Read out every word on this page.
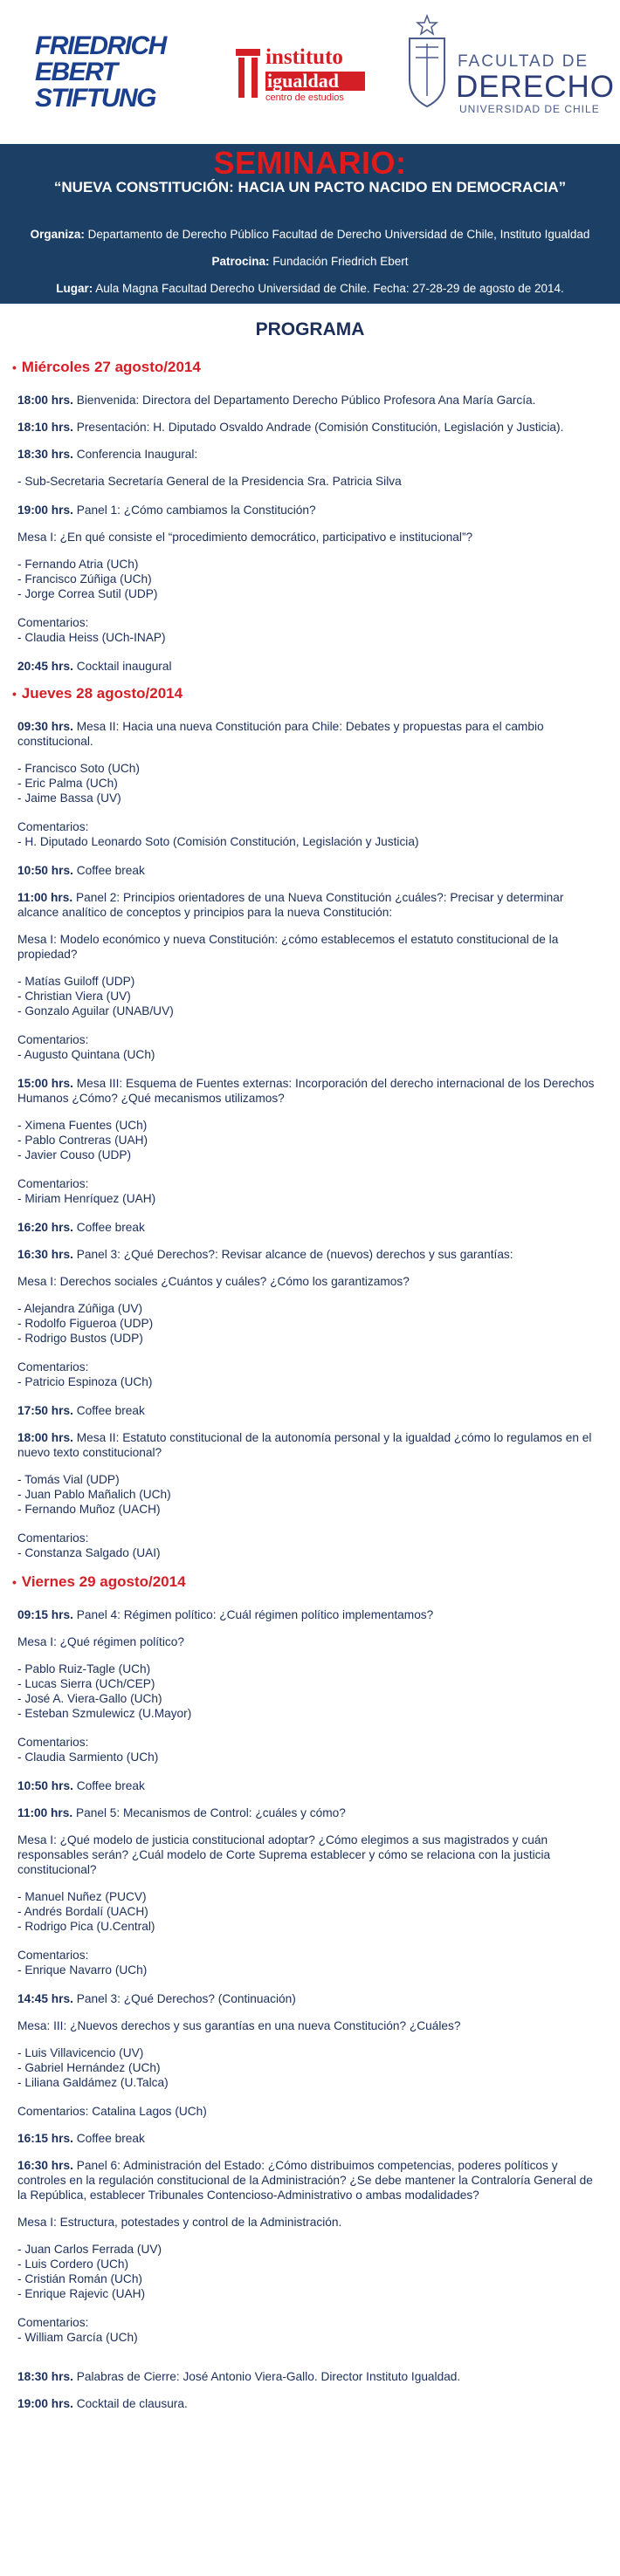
FRIEDRICH
EBERT
STIFTUNG
instituto
igualdad
centro de estudios
FACULTAD DE
DERECHO
UNIVERSIDAD DE CHILE
SEMINARIO:
“NUEVA CONSTITUCIÓN: HACIA UN PACTO NACIDO EN DEMOCRACIA”
Organiza: Departamento de Derecho Público Facultad de Derecho Universidad de Chile, Instituto Igualdad
Patrocina: Fundación Friedrich Ebert
Lugar: Aula Magna Facultad Derecho Universidad de Chile. Fecha: 27-28-29 de agosto de 2014.
PROGRAMA
• Miércoles 27 agosto/2014
18:00 hrs. Bienvenida: Directora del Departamento Derecho Público Profesora Ana María García.
18:10 hrs. Presentación: H. Diputado Osvaldo Andrade (Comisión Constitución, Legislación y Justicia).
18:30 hrs. Conferencia Inaugural:
- Sub-Secretaria Secretaría General de la Presidencia Sra. Patricia Silva
19:00 hrs. Panel 1: ¿Cómo cambiamos la Constitución?
Mesa I: ¿En qué consiste el “procedimiento democrático, participativo e institucional”?
- Fernando Atria (UCh)
- Francisco Zúñiga (UCh)
- Jorge Correa Sutil (UDP)
Comentarios:
- Claudia Heiss (UCh-INAP)
20:45 hrs. Cocktail inaugural
• Jueves 28 agosto/2014
09:30 hrs. Mesa II: Hacia una nueva Constitución para Chile: Debates y propuestas para el cambio constitucional.
- Francisco Soto (UCh)
- Eric Palma (UCh)
- Jaime Bassa (UV)
Comentarios:
- H. Diputado Leonardo Soto (Comisión Constitución, Legislación y Justicia)
10:50 hrs. Coffee break
11:00 hrs. Panel 2: Principios orientadores de una Nueva Constitución ¿cuáles?: Precisar y determinar alcance analítico de conceptos y principios para la nueva Constitución:
Mesa I: Modelo económico y nueva Constitución: ¿cómo establecemos el estatuto constitucional de la propiedad?
- Matías Guiloff (UDP)
- Christian Viera (UV)
- Gonzalo Aguilar (UNAB/UV)
Comentarios:
- Augusto Quintana (UCh)
15:00 hrs. Mesa III: Esquema de Fuentes externas: Incorporación del derecho internacional de los Derechos Humanos ¿Cómo? ¿Qué mecanismos utilizamos?
- Ximena Fuentes (UCh)
- Pablo Contreras (UAH)
- Javier Couso (UDP)
Comentarios:
- Miriam Henríquez (UAH)
16:20 hrs. Coffee break
16:30 hrs. Panel 3: ¿Qué Derechos?: Revisar alcance de (nuevos) derechos y sus garantías:
Mesa I: Derechos sociales ¿Cuántos y cuáles? ¿Cómo los garantizamos?
- Alejandra Zúñiga (UV)
- Rodolfo Figueroa (UDP)
- Rodrigo Bustos (UDP)
Comentarios:
- Patricio Espinoza (UCh)
17:50 hrs. Coffee break
18:00 hrs. Mesa II: Estatuto constitucional de la autonomía personal y la igualdad ¿cómo lo regulamos en el nuevo texto constitucional?
- Tomás Vial (UDP)
- Juan Pablo Mañalich (UCh)
- Fernando Muñoz (UACH)
Comentarios:
- Constanza Salgado (UAI)
• Viernes 29 agosto/2014
09:15 hrs. Panel 4: Régimen político: ¿Cuál régimen político implementamos?
Mesa I: ¿Qué régimen político?
- Pablo Ruiz-Tagle (UCh)
- Lucas Sierra (UCh/CEP)
- José A. Viera-Gallo (UCh)
- Esteban Szmulewicz (U.Mayor)
Comentarios:
- Claudia Sarmiento (UCh)
10:50 hrs. Coffee break
11:00 hrs. Panel 5: Mecanismos de Control: ¿cuáles y cómo?
Mesa I: ¿Qué modelo de justicia constitucional adoptar? ¿Cómo elegimos a sus magistrados y cuán responsables serán? ¿Cuál modelo de Corte Suprema establecer y cómo se relaciona con la justicia constitucional?
- Manuel Nuñez (PUCV)
- Andrés Bordalí (UACH)
- Rodrigo Pica (U.Central)
Comentarios:
- Enrique Navarro (UCh)
14:45 hrs. Panel 3: ¿Qué Derechos? (Continuación)
Mesa: III: ¿Nuevos derechos y sus garantías en una nueva Constitución? ¿Cuáles?
- Luis Villavicencio (UV)
- Gabriel Hernández (UCh)
- Liliana Galdámez (U.Talca)
Comentarios: Catalina Lagos (UCh)
16:15 hrs. Coffee break
16:30 hrs. Panel 6: Administración del Estado: ¿Cómo distribuimos competencias, poderes políticos y controles en la regulación constitucional de la Administración? ¿Se debe mantener la Contraloría General de la República, establecer Tribunales Contencioso-Administrativo o ambas modalidades?
Mesa I: Estructura, potestades y control de la Administración.
- Juan Carlos Ferrada (UV)
- Luis Cordero (UCh)
- Cristián Román (UCh)
- Enrique Rajevic (UAH)
Comentarios:
- William García (UCh)
18:30 hrs. Palabras de Cierre: José Antonio Viera-Gallo. Director Instituto Igualdad.
19:00 hrs. Cocktail de clausura.
